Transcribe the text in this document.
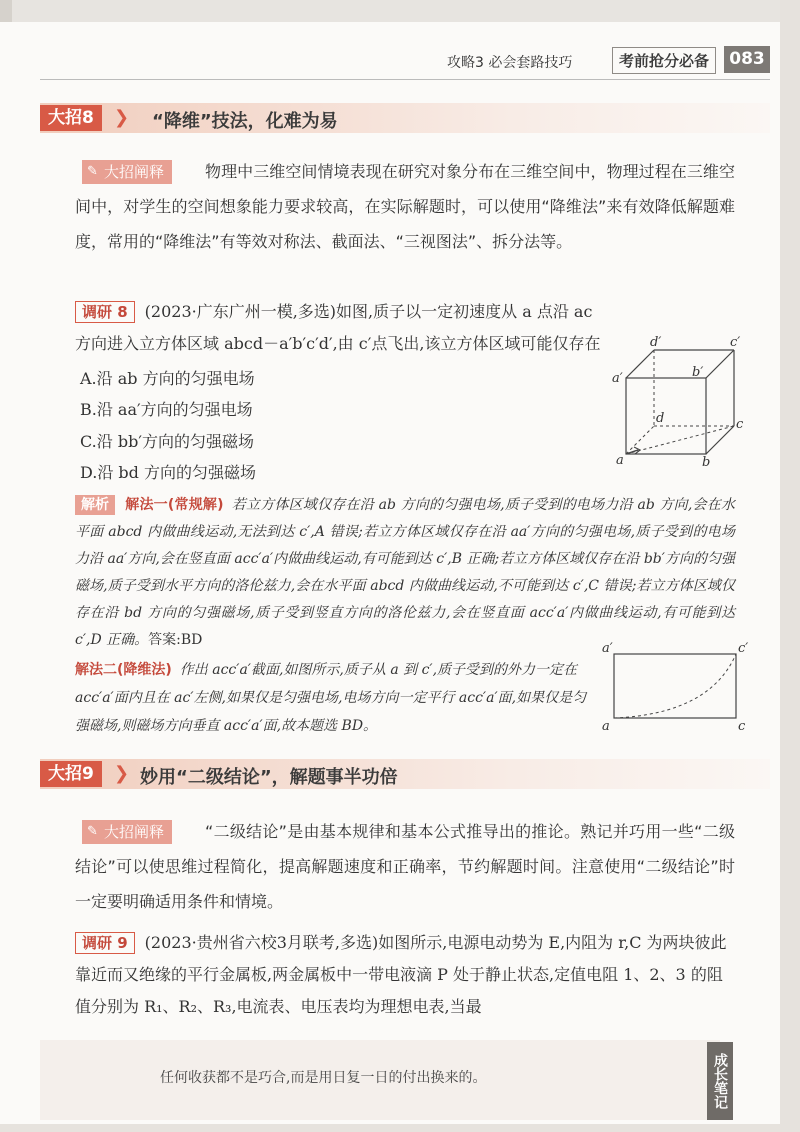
攻略3 必会套路技巧	考前抢分必备	083
大招8	❯ “降维”技法，化难为易
✎ 大招阐释	物理中三维空间情境表现在研究对象分布在三维空间中，物理过程在三维空间中，对学生的空间想象能力要求较高，在实际解题时，可以使用“降维法”来有效降低解题难度，常用的“降维法”有等效对称法、截面法、“三视图法”、拆分法等。
调研 8 (2023·广东广州一模,多选)如图,质子以一定初速度从 a 点沿 ac 方向进入立方体区域 abcd－a′b′c′d′,由 c′点飞出,该立方体区域可能仅存在
A.沿 ab 方向的匀强电场
B.沿 aa′方向的匀强电场
C.沿 bb′方向的匀强磁场
D.沿 bd 方向的匀强磁场
d′	c′
a′	b′
d	c
a	b
解析 解法一(常规解) 若立方体区域仅存在沿 ab 方向的匀强电场,质子受到的电场力沿 ab 方向,会在水平面 abcd 内做曲线运动,无法到达 c′,A 错误;若立方体区域仅存在沿 aa′方向的匀强电场,质子受到的电场力沿 aa′方向,会在竖直面 acc′a′内做曲线运动,有可能到达 c′,B 正确;若立方体区域仅存在沿 bb′方向的匀强磁场,质子受到水平方向的洛伦兹力,会在水平面 abcd 内做曲线运动,不可能到达 c′,C 错误;若立方体区域仅存在沿 bd 方向的匀强磁场,质子受到竖直方向的洛伦兹力,会在竖直面 acc′a′内做曲线运动,有可能到达 c′,D 正确。答案:BD
解法二(降维法) 作出 acc′a′截面,如图所示,质子从 a 到 c′,质子受到的外力一定在 acc′a′面内且在 ac′左侧,如果仅是匀强电场,电场方向一定平行 acc′a′面,如果仅是匀强磁场,则磁场方向垂直 acc′a′面,故本题选 BD。
a′	c′
a	c
大招9	❯ 妙用“二级结论”，解题事半功倍
✎ 大招阐释	“二级结论”是由基本规律和基本公式推导出的推论。熟记并巧用一些“二级结论”可以使思维过程简化，提高解题速度和正确率，节约解题时间。注意使用“二级结论”时一定要明确适用条件和情境。
调研 9 (2023·贵州省六校3月联考,多选)如图所示,电源电动势为 E,内阻为 r,C 为两块彼此靠近而又绝缘的平行金属板,两金属板中一带电液滴 P 处于静止状态,定值电阻 1、2、3 的阻值分别为 R₁、R₂、R₃,电流表、电压表均为理想电表,当最
任何收获都不是巧合,而是用日复一日的付出换来的。	成长笔记
